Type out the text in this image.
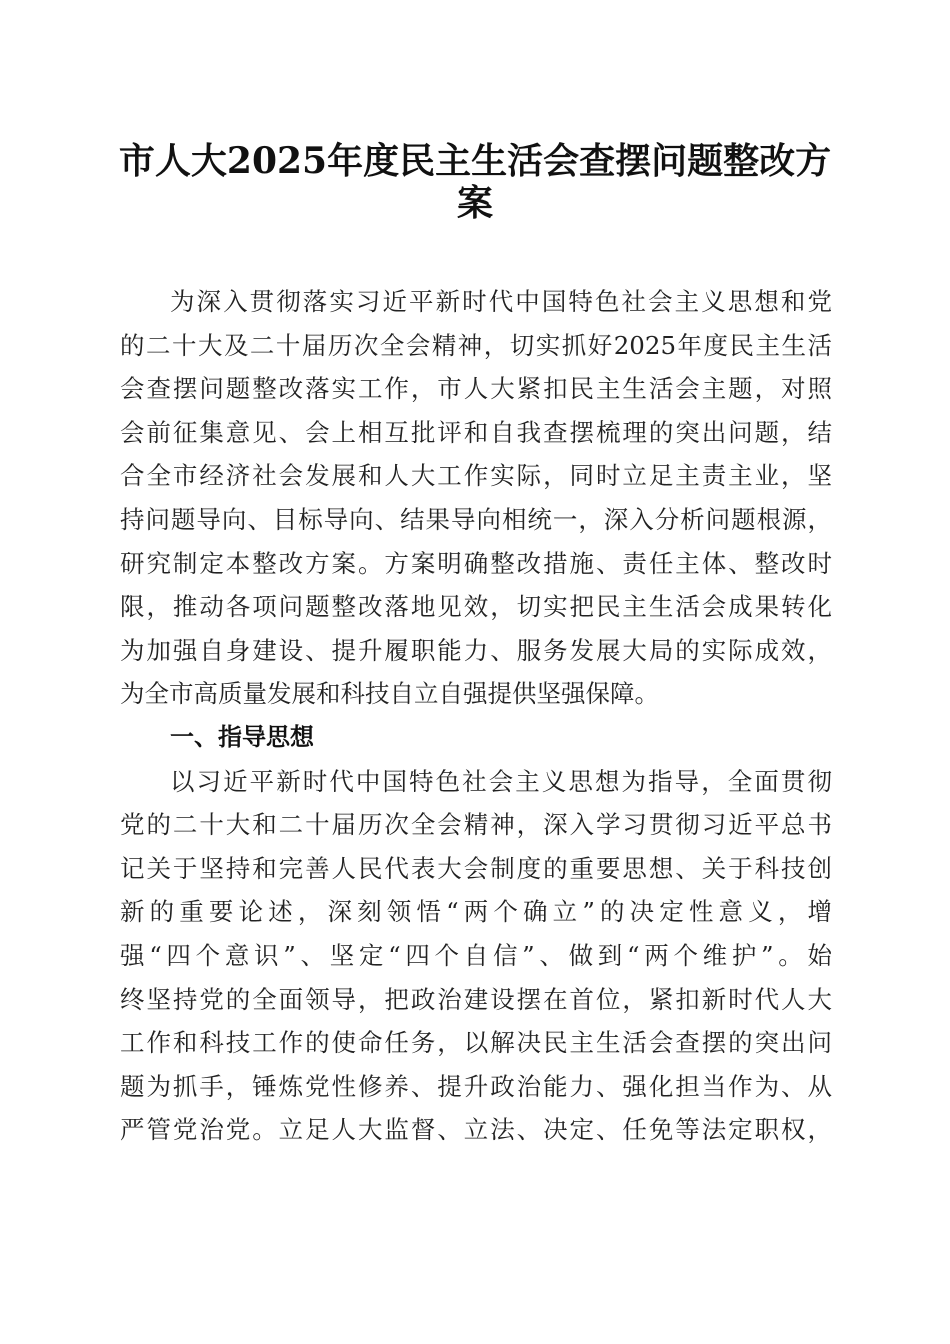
市人大2025年度民主生活会查摆问题整改方
案
为深入贯彻落实习近平新时代中国特色社会主义思想和党
的二十大及二十届历次全会精神，切实抓好2025年度民主生活
会查摆问题整改落实工作，市人大紧扣民主生活会主题，对照
会前征集意见、会上相互批评和自我查摆梳理的突出问题，结
合全市经济社会发展和人大工作实际，同时立足主责主业，坚
持问题导向、目标导向、结果导向相统一，深入分析问题根源，
研究制定本整改方案。方案明确整改措施、责任主体、整改时
限，推动各项问题整改落地见效，切实把民主生活会成果转化
为加强自身建设、提升履职能力、服务发展大局的实际成效，
为全市高质量发展和科技自立自强提供坚强保障。
一、指导思想
以习近平新时代中国特色社会主义思想为指导，全面贯彻
党的二十大和二十届历次全会精神，深入学习贯彻习近平总书
记关于坚持和完善人民代表大会制度的重要思想、关于科技创
新的重要论述，深刻领悟“两个确立”的决定性意义，增
强“四个意识”、坚定“四个自信”、做到“两个维护”。始
终坚持党的全面领导，把政治建设摆在首位，紧扣新时代人大
工作和科技工作的使命任务，以解决民主生活会查摆的突出问
题为抓手，锤炼党性修养、提升政治能力、强化担当作为、从
严管党治党。立足人大监督、立法、决定、任免等法定职权，
